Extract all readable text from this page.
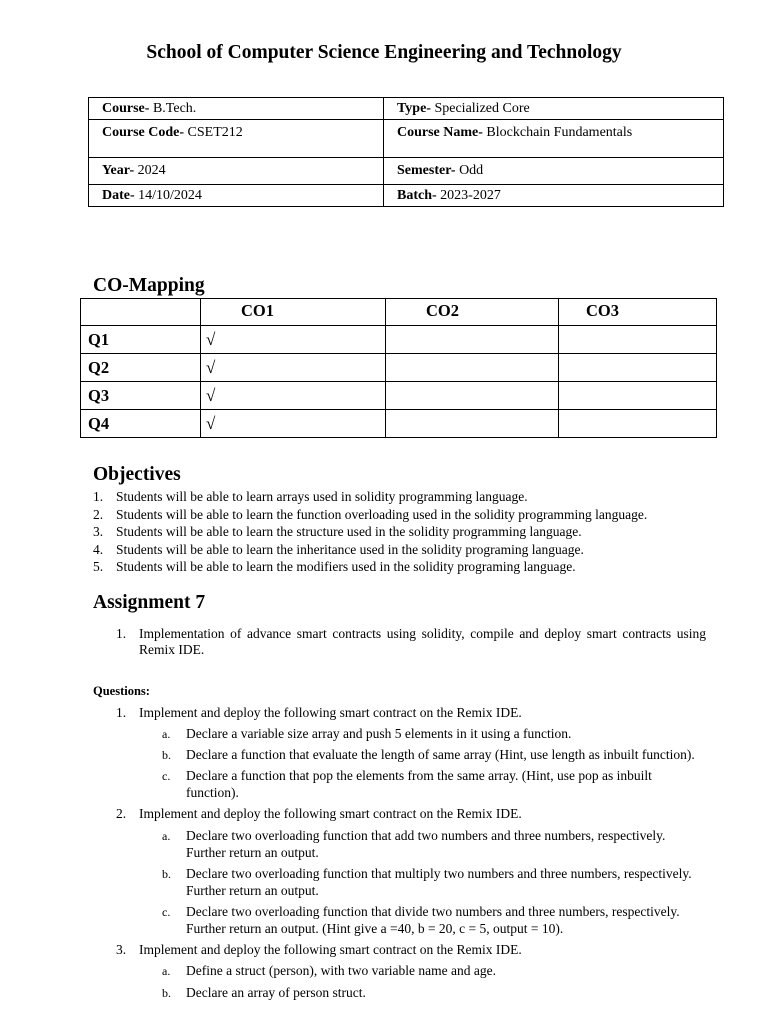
School of Computer Science Engineering and Technology
Course- B.Tech.	Type- Specialized Core
Course Code- CSET212	Course Name- Blockchain Fundamentals
Year- 2024	Semester- Odd
Date- 14/10/2024	Batch- 2023-2027
CO-Mapping
	CO1	CO2	CO3
Q1	√		
Q2	√		
Q3	√		
Q4	√		
Objectives
1. Students will be able to learn arrays used in solidity programming language.
2. Students will be able to learn the function overloading used in the solidity programming language.
3. Students will be able to learn the structure used in the solidity programming language.
4. Students will be able to learn the inheritance used in the solidity programing language.
5. Students will be able to learn the modifiers used in the solidity programing language.
Assignment 7
1. Implementation of advance smart contracts using solidity, compile and deploy smart contracts using Remix IDE.
Questions:
1. Implement and deploy the following smart contract on the Remix IDE.
a. Declare a variable size array and push 5 elements in it using a function.
b. Declare a function that evaluate the length of same array (Hint, use length as inbuilt function).
c. Declare a function that pop the elements from the same array. (Hint, use pop as inbuilt function).
2. Implement and deploy the following smart contract on the Remix IDE.
a. Declare two overloading function that add two numbers and three numbers, respectively. Further return an output.
b. Declare two overloading function that multiply two numbers and three numbers, respectively. Further return an output.
c. Declare two overloading function that divide two numbers and three numbers, respectively. Further return an output. (Hint give a =40, b = 20, c = 5, output = 10).
3. Implement and deploy the following smart contract on the Remix IDE.
a. Define a struct (person), with two variable name and age.
b. Declare an array of person struct.
